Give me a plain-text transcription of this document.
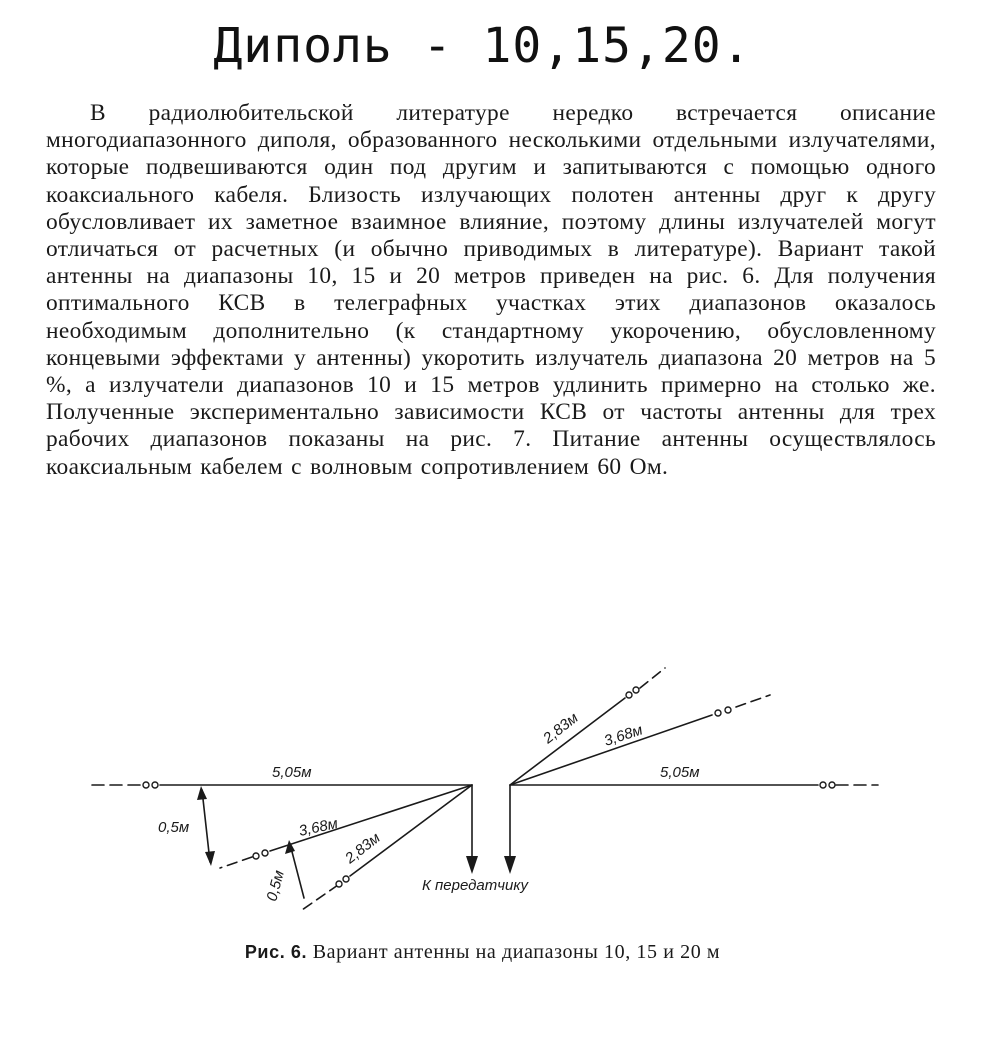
Диполь - 10,15,20.

В радиолюбительской литературе нередко встречается описание многодиапазонного диполя, образованного несколькими отдельными излучателями, которые подвешиваются один под другим и запитываются с помощью одного коаксиального кабеля. Близость излучающих полотен антенны друг к другу обусловливает их заметное взаимное влияние, поэтому длины излучателей могут отличаться от расчетных (и обычно приводимых в литературе). Вариант такой антенны на диапазоны 10, 15 и 20 метров приведен на рис. 6. Для получения оптимального КСВ в телеграфных участках этих диапазонов оказалось необходимым дополнительно (к стандартному укорочению, обусловленному концевыми эффектами у антенны) укоротить излучатель диапазона 20 метров на 5 %, а излучатели диапазонов 10 и 15 метров удлинить примерно на столько же. Полученные экспериментально зависимости КСВ от частоты антенны для трех рабочих диапазонов показаны на рис. 7. Питание антенны осуществлялось коаксиальным кабелем с волновым сопротивлением 60 Ом.

5,05м	5,05м
3,68м
2,83м
3,68м
2,83м
0,5м
0,5м	К передатчику
Рис. 6. Вариант антенны на диапазоны 10, 15 и 20 м
